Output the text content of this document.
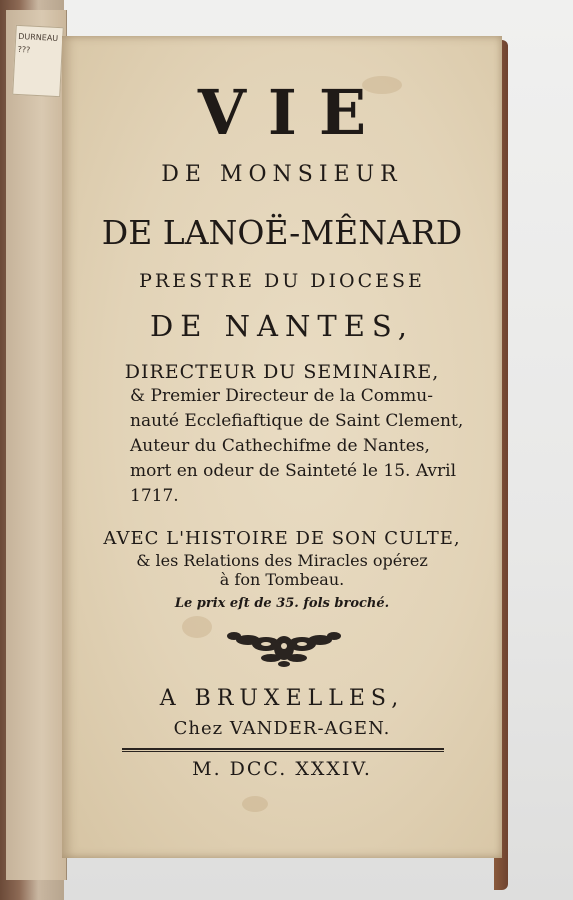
DURNEAU
???
VIE
DE MONSIEUR
DE LANOË-MÊNARD
PRESTRE DU DIOCESE
DE NANTES,
DIRECTEUR DU SEMINAIRE,
& Premier Directeur de la Commu-
nauté Ecclefiaftique de Saint Clement,
Auteur du Cathechifme de Nantes,
mort en odeur de Saintеté le 15. Avril
1717.
AVEC L'HISTOIRE DE SON CULTE,
& les Relations des Miracles opérez
à fon Tombeau.
Le prix eſt de 35. fols broché.
A BRUXELLES,
Chez VANDER-AGEN.
M. DCC. XXXIV.
